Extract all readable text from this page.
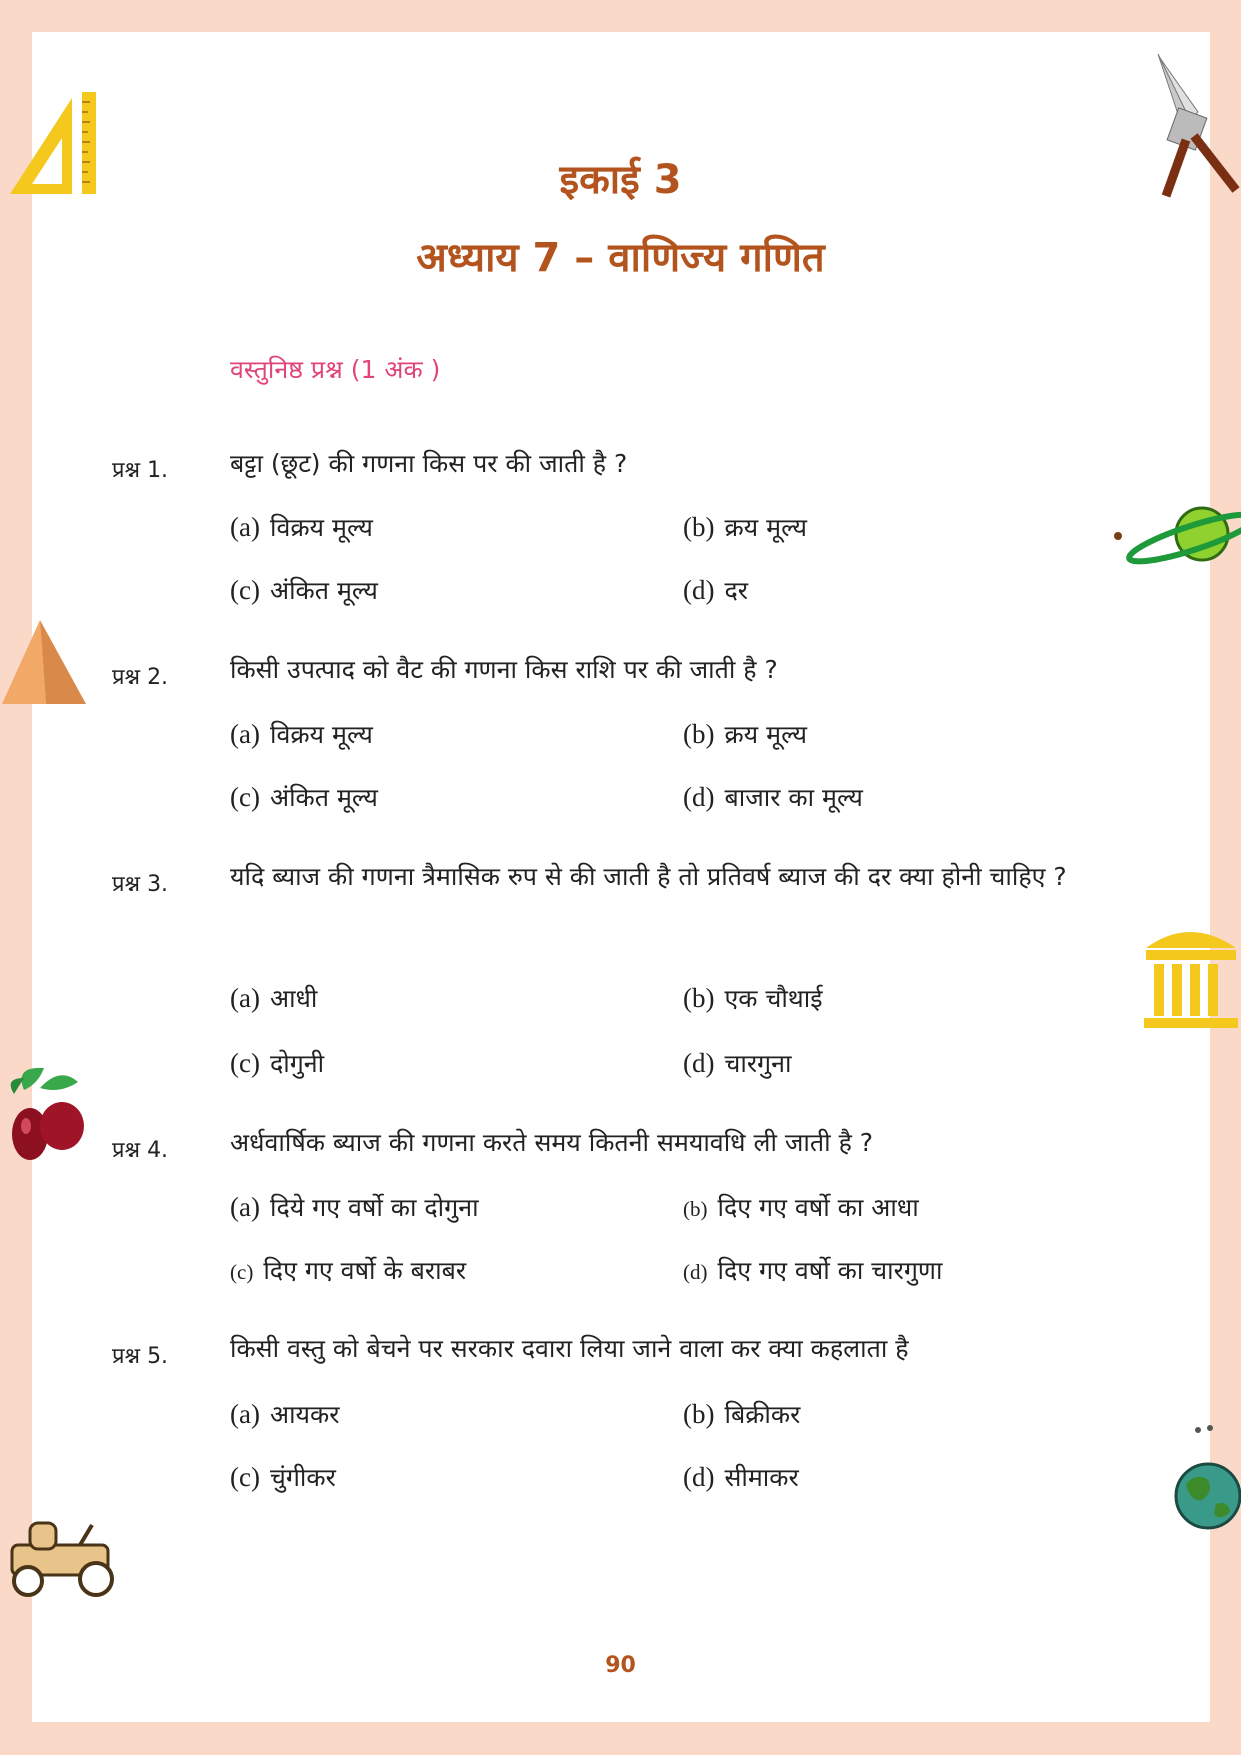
इकाई 3
अध्याय 7 – वाणिज्य गणित
वस्तुनिष्ठ प्रश्न (1 अंक )
प्रश्न 1. बट्टा (छूट) की गणना किस पर की जाती है ?
(a) विक्रय मूल्य	(b) क्रय मूल्य
(c) अंकित मूल्य	(d) दर
प्रश्न 2. किसी उपत्पाद को वैट की गणना किस राशि पर की जाती है ?
(a) विक्रय मूल्य	(b) क्रय मूल्य
(c) अंकित मूल्य	(d) बाजार का मूल्य
प्रश्न 3. यदि ब्याज की गणना त्रैमासिक रुप से की जाती है तो प्रतिवर्ष ब्याज की दर क्या होनी चाहिए ?
(a) आधी	(b) एक चौथाई
(c) दोगुनी	(d) चारगुना
प्रश्न 4. अर्धवार्षिक ब्याज की गणना करते समय कितनी समयावधि ली जाती है ?
(a) दिये गए वर्षो का दोगुना	(b) दिए गए वर्षो का आधा
(c) दिए गए वर्षो के बराबर	(d) दिए गए वर्षो का चारगुणा
प्रश्न 5. किसी वस्तु को बेचने पर सरकार दवारा लिया जाने वाला कर क्या कहलाता है
(a) आयकर	(b) बिक्रीकर
(c) चुंगीकर	(d) सीमाकर
90
